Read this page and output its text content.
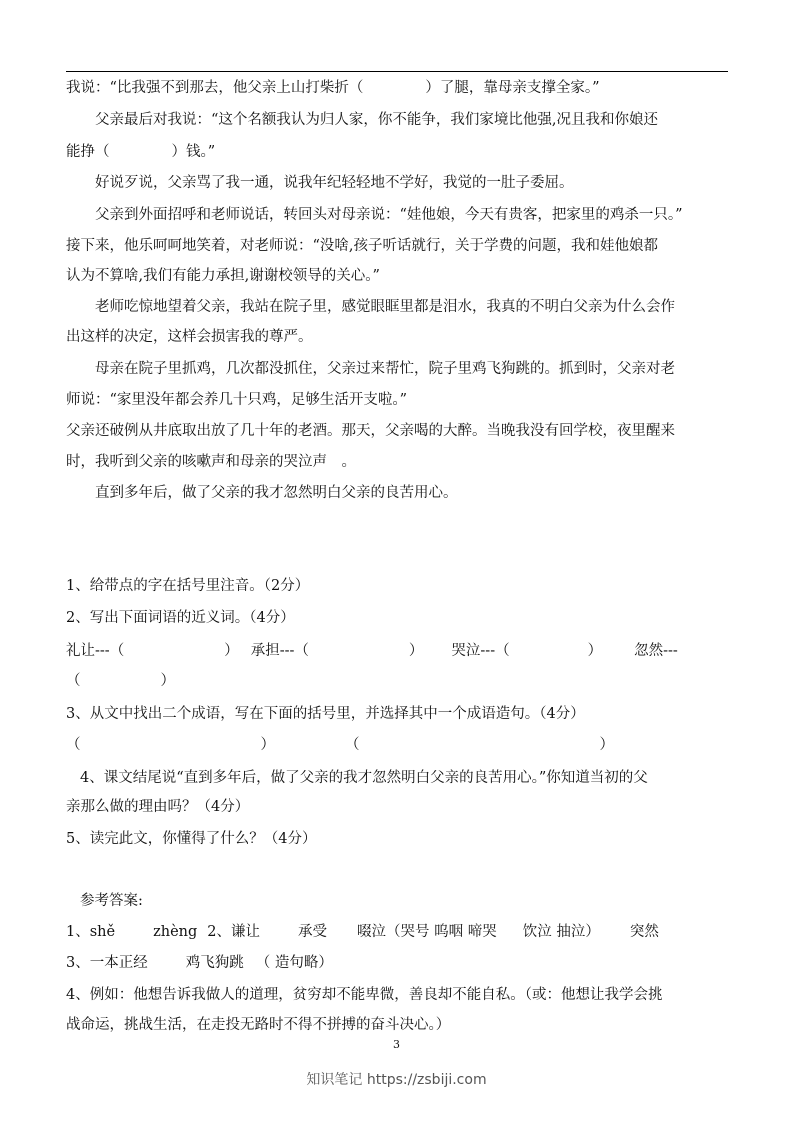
我说：“比我强不到那去，他父亲上山打柴折（	）了腿，靠母亲支撑全家。”
父亲最后对我说：“这个名额我认为归人家，你不能争，我们家境比他强,况且我和你娘还
能挣（	）钱。”
好说歹说，父亲骂了我一通，说我年纪轻轻地不学好，我觉的一肚子委屈。
父亲到外面招呼和老师说话，转回头对母亲说：“娃他娘，今天有贵客，把家里的鸡杀一只。”
接下来，他乐呵呵地笑着，对老师说：“没啥,孩子听话就行，关于学费的问题，我和娃他娘都
认为不算啥,我们有能力承担,谢谢校领导的关心。”
老师吃惊地望着父亲，我站在院子里，感觉眼眶里都是泪水，我真的不明白父亲为什么会作
出这样的决定，这样会损害我的尊严。
母亲在院子里抓鸡，几次都没抓住，父亲过来帮忙，院子里鸡飞狗跳的。抓到时，父亲对老
师说：“家里没年都会养几十只鸡，足够生活开支啦。”
父亲还破例从井底取出放了几十年的老酒。那天，父亲喝的大醉。当晚我没有回学校，夜里醒来
时，我听到父亲的咳嗽声和母亲的哭泣声　。
直到多年后，做了父亲的我才忽然明白父亲的良苦用心。
1、给带点的字在括号里注音。（2分）
2、写出下面词语的近义词。（4分）
礼让---（	） 承担---（	） 哭泣---（	） 忽然---
（	）
3、从文中找出二个成语，写在下面的括号里，并选择其中一个成语造句。（4分）
（	）	（	）
4、课文结尾说“直到多年后，做了父亲的我才忽然明白父亲的良苦用心。”你知道当初的父
亲那么做的理由吗？（4分）
5、读完此文，你懂得了什么？（4分）
参考答案:
1、shě	zhèng 2、谦让	承受 啜泣（哭号 呜咽 啼哭 饮泣 抽泣） 突然
3、一本正经	鸡飞狗跳 （ 造句略）
4、例如：他想告诉我做人的道理，贫穷却不能卑微，善良却不能自私。（或：他想让我学会挑
战命运，挑战生活，在走投无路时不得不拼搏的奋斗决心。）
3
知识笔记 https://zsbiji.com
